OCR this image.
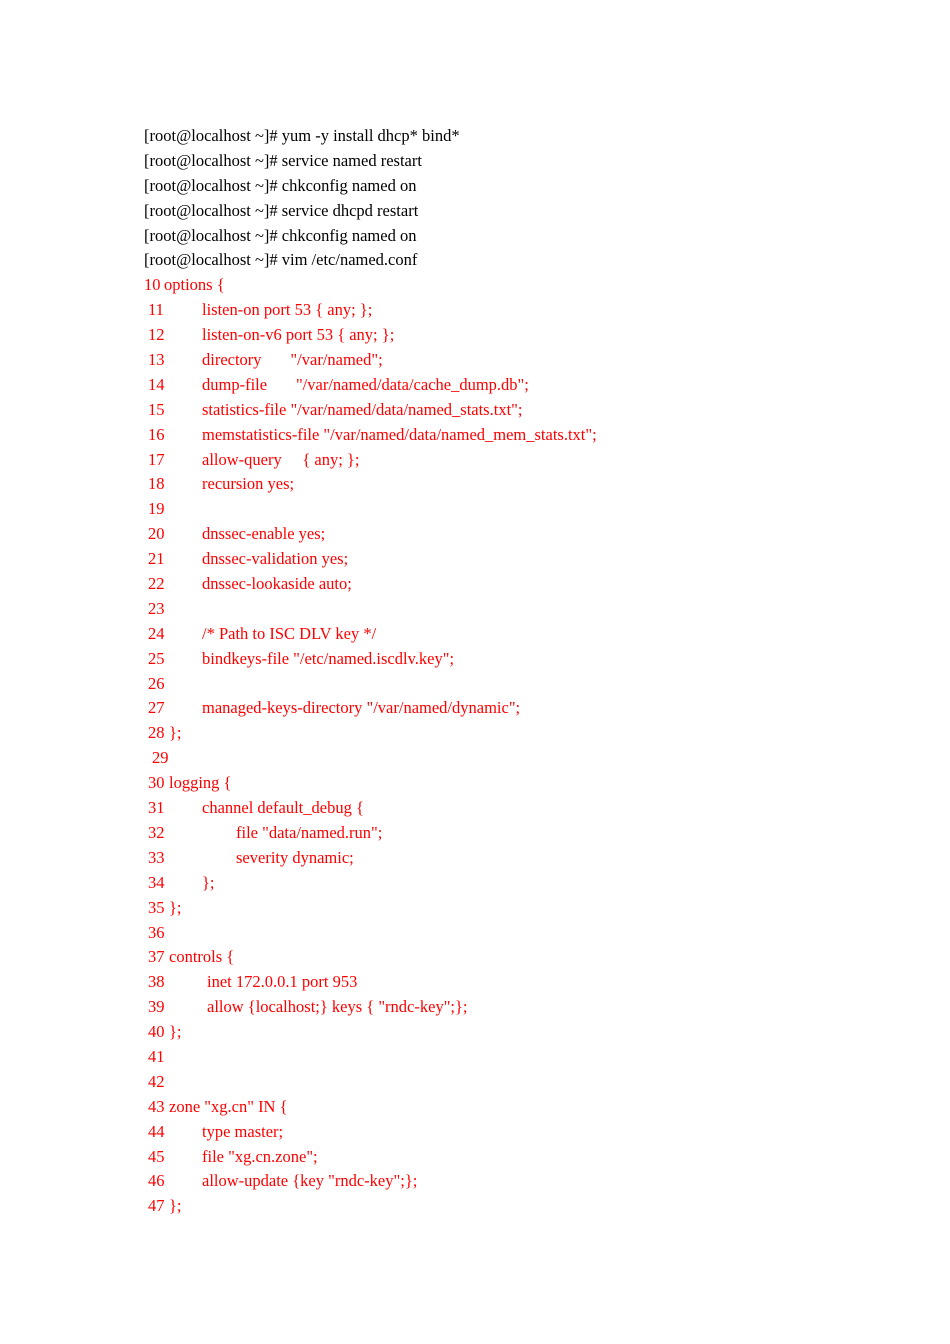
[root@localhost ~]# yum -y install dhcp* bind*
[root@localhost ~]# service named restart
[root@localhost ~]# chkconfig named on
[root@localhost ~]# service dhcpd restart
[root@localhost ~]# chkconfig named on
[root@localhost ~]# vim /etc/named.conf

10

options {

11

listen-on port 53 { any; };

12

listen-on-v6 port 53 { any; };

13

directory       "/var/named";

14

dump-file       "/var/named/data/cache_dump.db";

15

statistics-file "/var/named/data/named_stats.txt";

16

memstatistics-file "/var/named/data/named_mem_stats.txt";

17

allow-query     { any; };

18

recursion yes;

19

20

dnssec-enable yes;

21

dnssec-validation yes;

22

dnssec-lookaside auto;

23

24

/* Path to ISC DLV key */

25

bindkeys-file "/etc/named.iscdlv.key";

26

27

managed-keys-directory "/var/named/dynamic";

28

};

29

30

logging {

31

channel default_debug {

32

	file "data/named.run";

33

	severity dynamic;

34

};

35

};

36

37

controls {

38

	inet 172.0.0.1 port 953

39

	allow {localhost;} keys { "rndc-key";};

40

};

41

42

43

zone "xg.cn" IN {

44

type master;

45

file "xg.cn.zone";

46

allow-update {key "rndc-key";};

47

};
